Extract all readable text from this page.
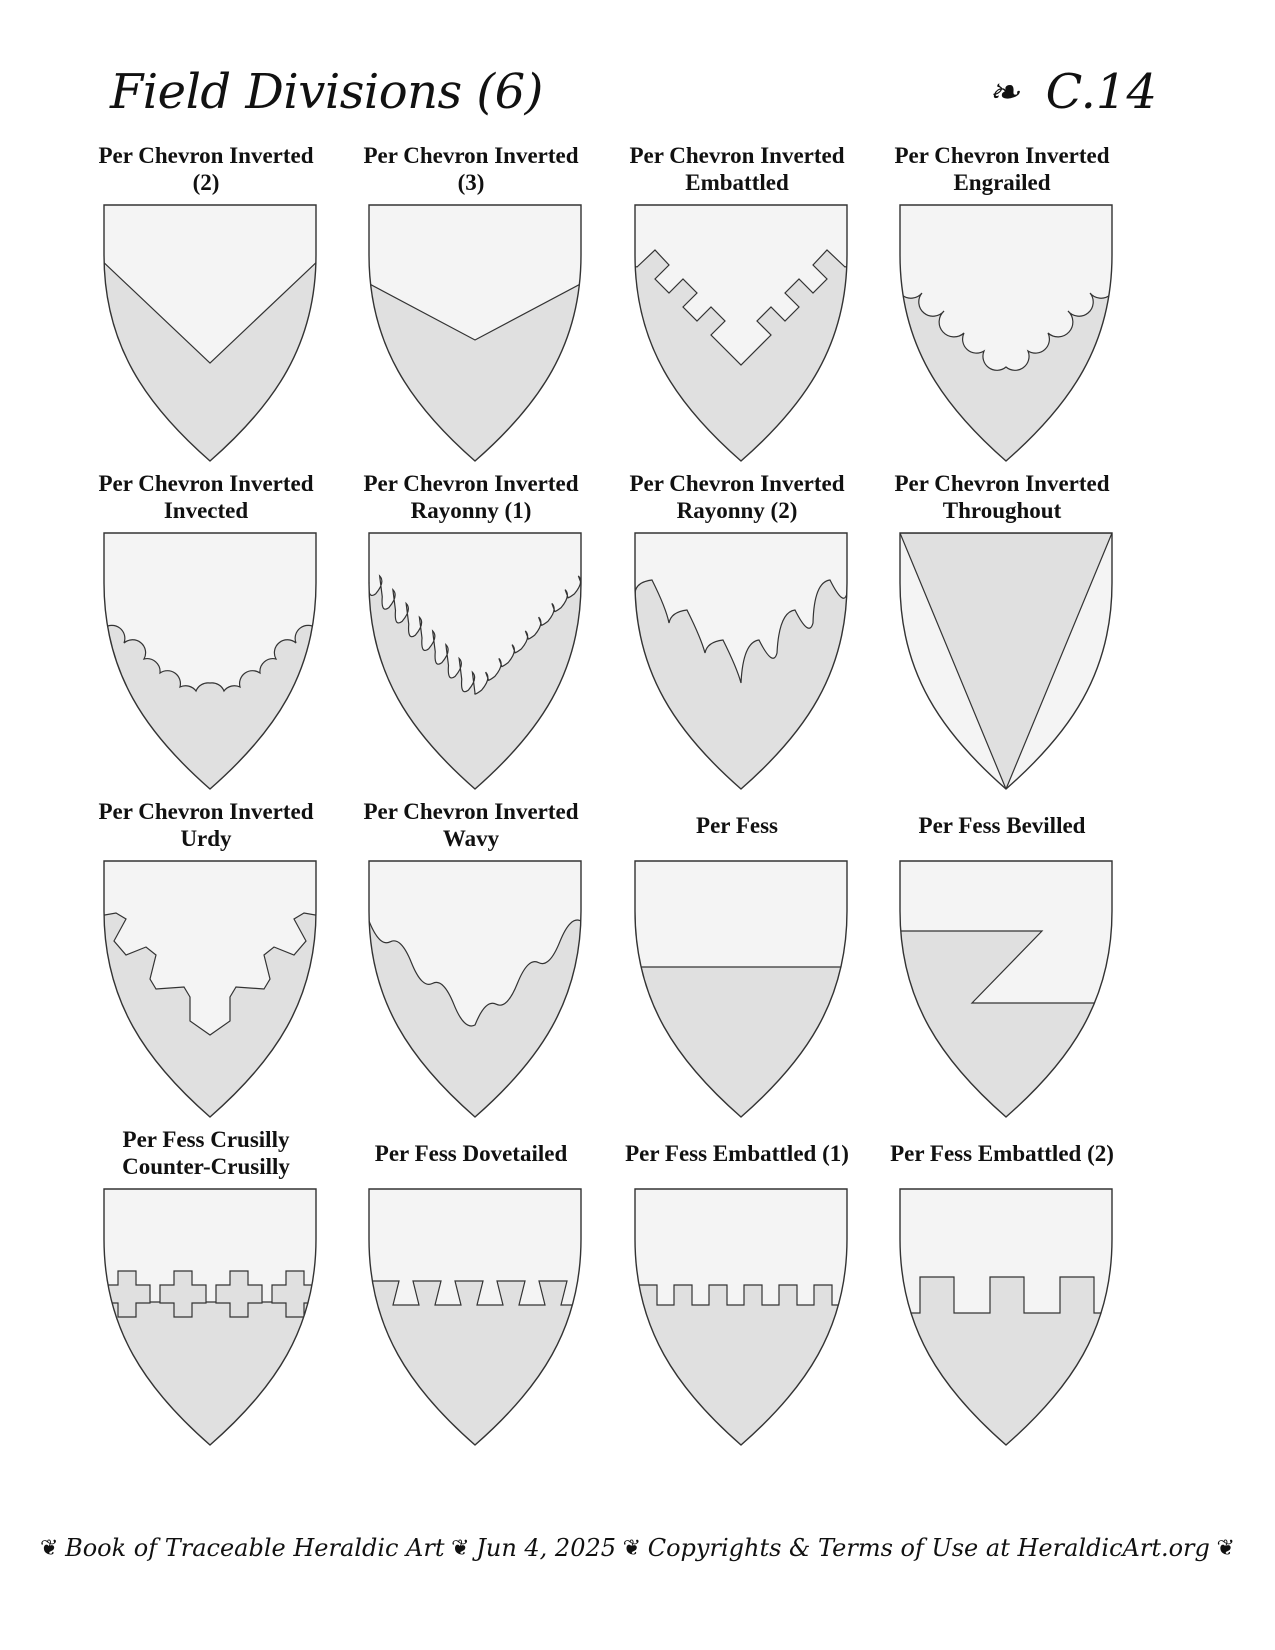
Field Divisions (6)	❧ C.14
Per Chevron Inverted
(2)
Per Chevron Inverted
(3)
Per Chevron Inverted
Embattled
Per Chevron Inverted
Engrailed
Per Chevron Inverted
Invected
Per Chevron Inverted
Rayonny (1)
Per Chevron Inverted
Rayonny (2)
Per Chevron Inverted
Throughout
Per Chevron Inverted
Urdy
Per Chevron Inverted
Wavy
Per Fess	Per Fess Bevilled
Per Fess Crusilly
Counter-Crusilly
Per Fess Dovetailed	Per Fess Embattled (1)	Per Fess Embattled (2)
❦ Book of Traceable Heraldic Art ❦ Jun 4, 2025 ❦ Copyrights & Terms of Use at HeraldicArt.org ❦
